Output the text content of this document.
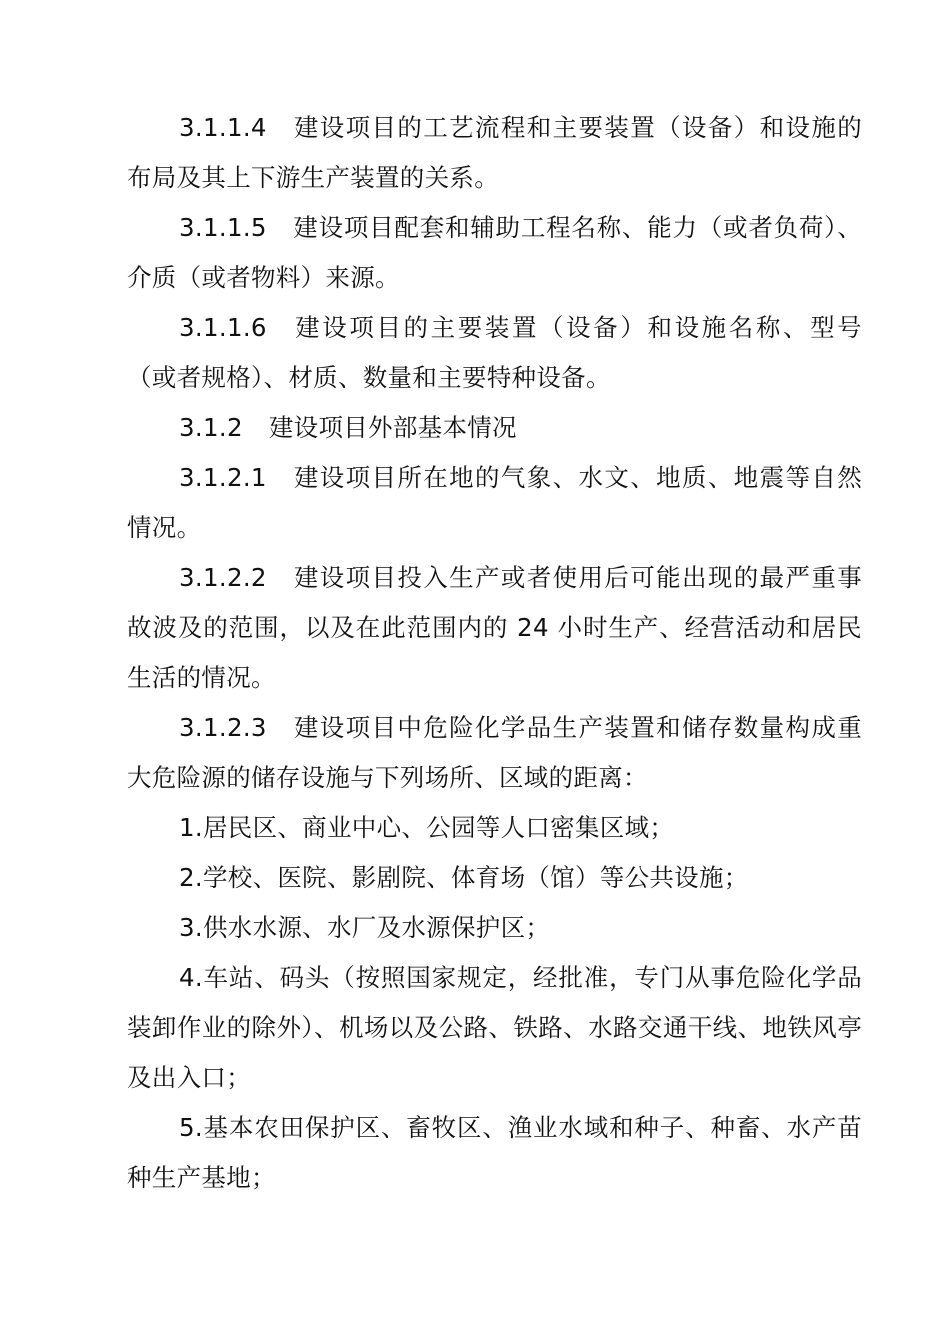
3.1.1.4 建设项目的工艺流程和主要装置（设备）和设施的布局及其上下游生产装置的关系。

3.1.1.5 建设项目配套和辅助工程名称、能力（或者负荷）、介质（或者物料）来源。

3.1.1.6 建设项目的主要装置（设备）和设施名称、型号（或者规格）、材质、数量和主要特种设备。

3.1.2 建设项目外部基本情况

3.1.2.1 建设项目所在地的气象、水文、地质、地震等自然情况。

3.1.2.2 建设项目投入生产或者使用后可能出现的最严重事故波及的范围，以及在此范围内的 24 小时生产、经营活动和居民生活的情况。

3.1.2.3 建设项目中危险化学品生产装置和储存数量构成重大危险源的储存设施与下列场所、区域的距离：

1.居民区、商业中心、公园等人口密集区域；

2.学校、医院、影剧院、体育场（馆）等公共设施；

3.供水水源、水厂及水源保护区；

4.车站、码头（按照国家规定，经批准，专门从事危险化学品装卸作业的除外）、机场以及公路、铁路、水路交通干线、地铁风亭及出入口；

5.基本农田保护区、畜牧区、渔业水域和种子、种畜、水产苗种生产基地；
